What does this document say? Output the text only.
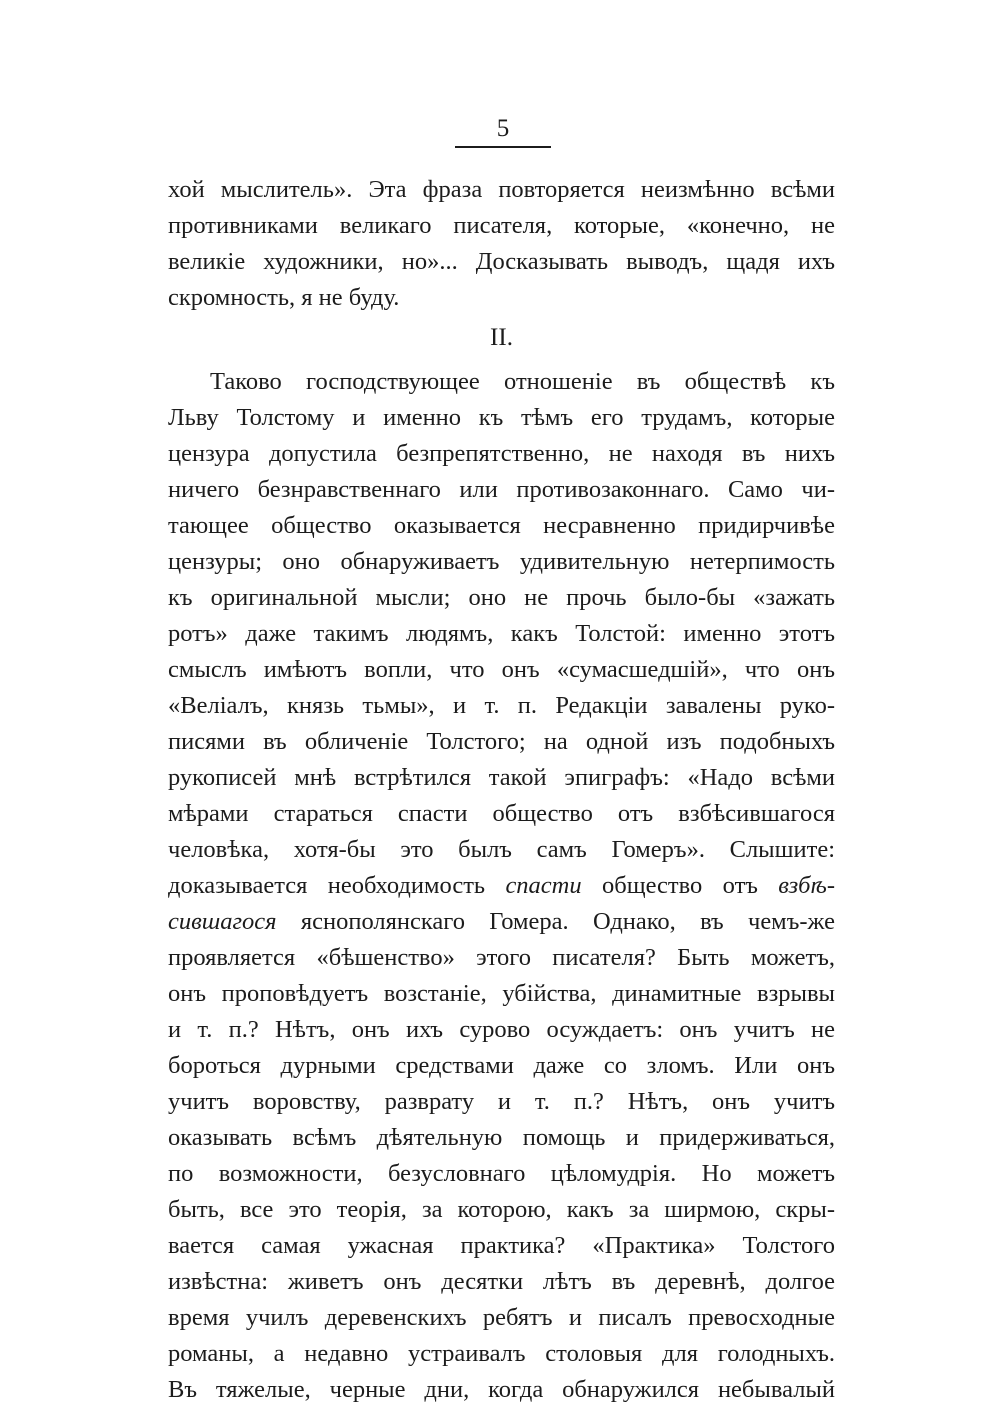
5
хой мыслитель». Эта фраза повторяется неизмѣнно всѣми
противниками великаго писателя, которые, «конечно, не
великіе художники, но»... Досказывать выводъ, щадя ихъ
скромность, я не буду.
II.
Таково господствующее отношеніе въ обществѣ къ
Льву Толстому и именно къ тѣмъ его трудамъ, которые
цензура допустила безпрепятственно, не находя въ нихъ
ничего безнравственнаго или противозаконнаго. Само чи-
тающее общество оказывается несравненно придирчивѣе
цензуры; оно обнаруживаетъ удивительную нетерпимость
къ оригинальной мысли; оно не прочь было-бы «зажать
ротъ» даже такимъ людямъ, какъ Толстой: именно этотъ
смыслъ имѣютъ вопли, что онъ «сумасшедшій», что онъ
«Веліалъ, князь тьмы», и т. п. Редакціи завалены руко-
писями въ обличеніе Толстого; на одной изъ подобныхъ
рукописей мнѣ встрѣтился такой эпиграфъ: «Надо всѣми
мѣрами стараться спасти общество отъ взбѣсившагося
человѣка, хотя-бы это былъ самъ Гомеръ». Слышите:
доказывается необходимость спасти общество отъ взбѣ-
сившагося яснополянскаго Гомера. Однако, въ чемъ-же
проявляется «бѣшенство» этого писателя? Быть можетъ,
онъ проповѣдуетъ возстаніе, убійства, динамитные взрывы
и т. п.? Нѣтъ, онъ ихъ сурово осуждаетъ: онъ учитъ не
бороться дурными средствами даже со зломъ. Или онъ
учитъ воровству, разврату и т. п.? Нѣтъ, онъ учитъ
оказывать всѣмъ дѣятельную помощь и придерживаться,
по возможности, безусловнаго цѣломудрія. Но можетъ
быть, все это теорія, за которою, какъ за ширмою, скры-
вается самая ужасная практика? «Практика» Толстого
извѣстна: живетъ онъ десятки лѣтъ въ деревнѣ, долгое
время училъ деревенскихъ ребятъ и писалъ превосходные
романы, а недавно устраивалъ столовыя для голодныхъ.
Въ тяжелые, черные дни, когда обнаружился небывалый
